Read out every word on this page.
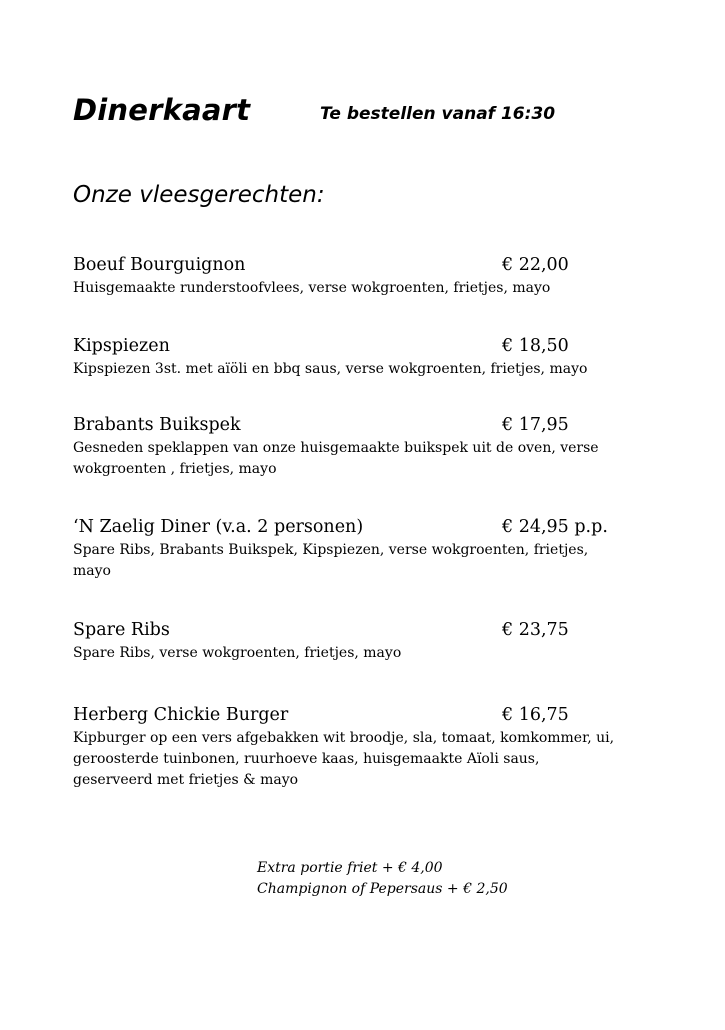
Dinerkaart	Te bestellen vanaf 16:30
Onze vleesgerechten:
Boeuf Bourguignon	€ 22,00
Huisgemaakte runderstoofvlees, verse wokgroenten, frietjes, mayo
Kipspiezen	€ 18,50
Kipspiezen 3st. met aïöli en bbq saus, verse wokgroenten, frietjes, mayo
Brabants Buikspek	€ 17,95
Gesneden speklappen van onze huisgemaakte buikspek uit de oven, verse wokgroenten , frietjes, mayo
‘N Zaelig Diner (v.a. 2 personen)	€ 24,95 p.p.
Spare Ribs, Brabants Buikspek, Kipspiezen, verse wokgroenten, frietjes, mayo
Spare Ribs	€ 23,75
Spare Ribs, verse wokgroenten, frietjes, mayo
Herberg Chickie Burger	€ 16,75
Kipburger op een vers afgebakken wit broodje, sla, tomaat, komkommer, ui, geroosterde tuinbonen, ruurhoeve kaas, huisgemaakte Aïoli saus, geserveerd met frietjes & mayo
Extra portie friet + € 4,00
Champignon of Pepersaus + € 2,50
